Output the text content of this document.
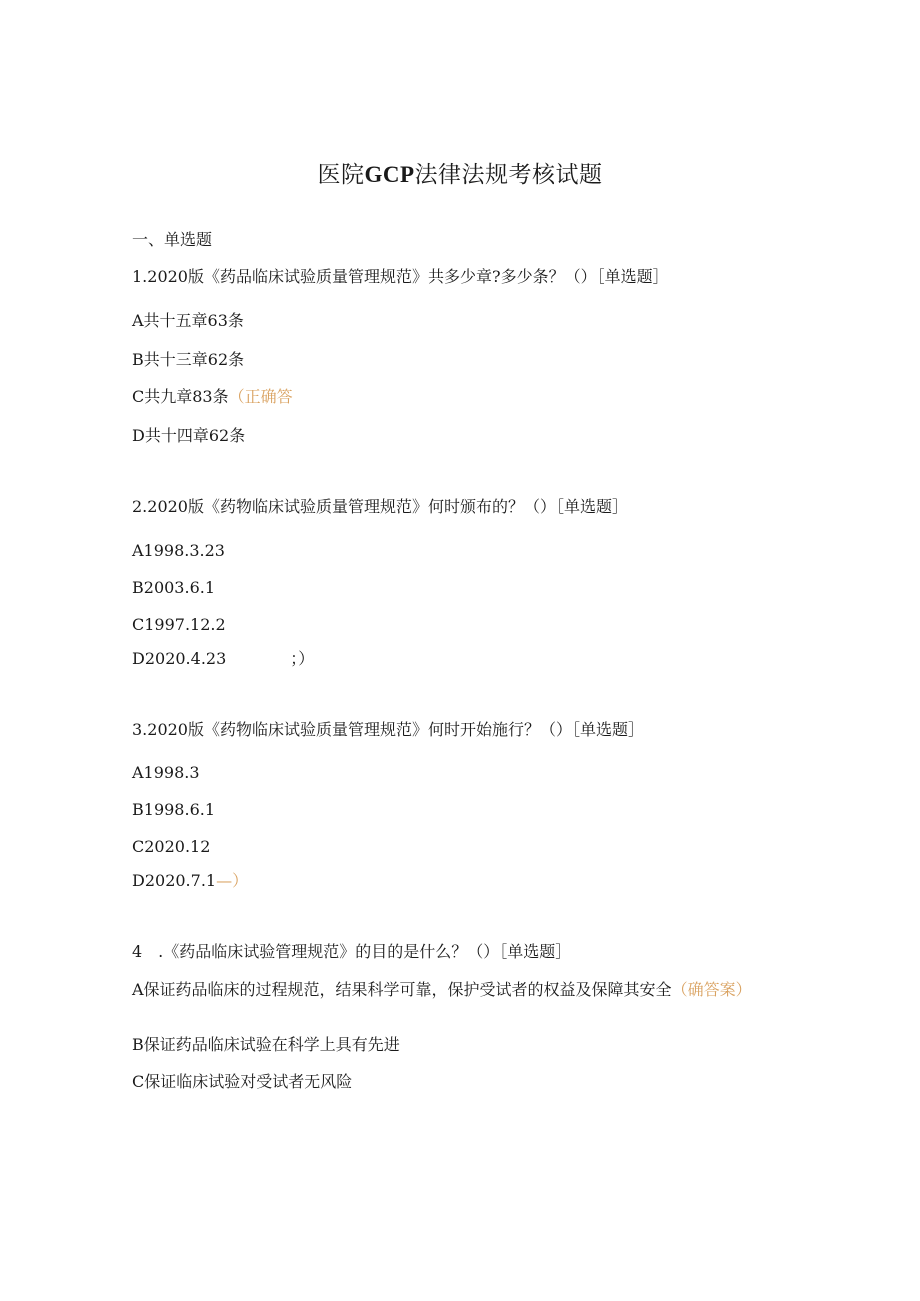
医院GCP法律法规考核试题
一、单选题
1.2020版《药品临床试验质量管理规范》共多少章?多少条？（）［单选题］
A共十五章63条
B共十三章62条
C共九章83条（正确答
D共十四章62条
2.2020版《药物临床试验质量管理规范》何时颁布的？（）［单选题］
A1998.3.23
B2003.6.1
C1997.12.2
D2020.4.23	；）
3.2020版《药物临床试验质量管理规范》何时开始施行？（）［单选题］
A1998.3
B1998.6.1
C2020.12
D2020.7.1—）
4　.《药品临床试验管理规范》的目的是什么？（）［单选题］
A保证药品临床的过程规范，结果科学可靠，保护受试者的权益及保障其安全（确答案）
B保证药品临床试验在科学上具有先进
C保证临床试验对受试者无风险
